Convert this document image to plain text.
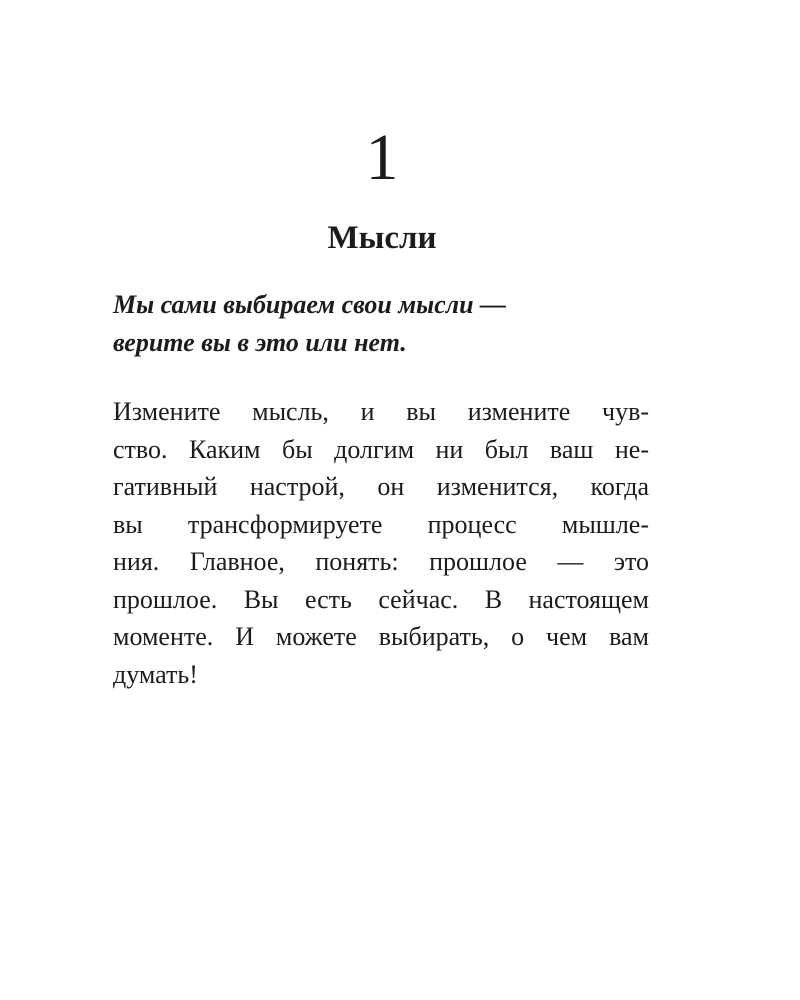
1
Мысли
Мы сами выбираем свои мысли —
верите вы в это или нет.
Измените мысль, и вы измените чув-
ство. Каким бы долгим ни был ваш не-
гативный настрой, он изменится, когда
вы трансформируете процесс мышле-
ния. Главное, понять: прошлое — это
прошлое. Вы есть сейчас. В настоящем
моменте. И можете выбирать, о чем вам
думать!
